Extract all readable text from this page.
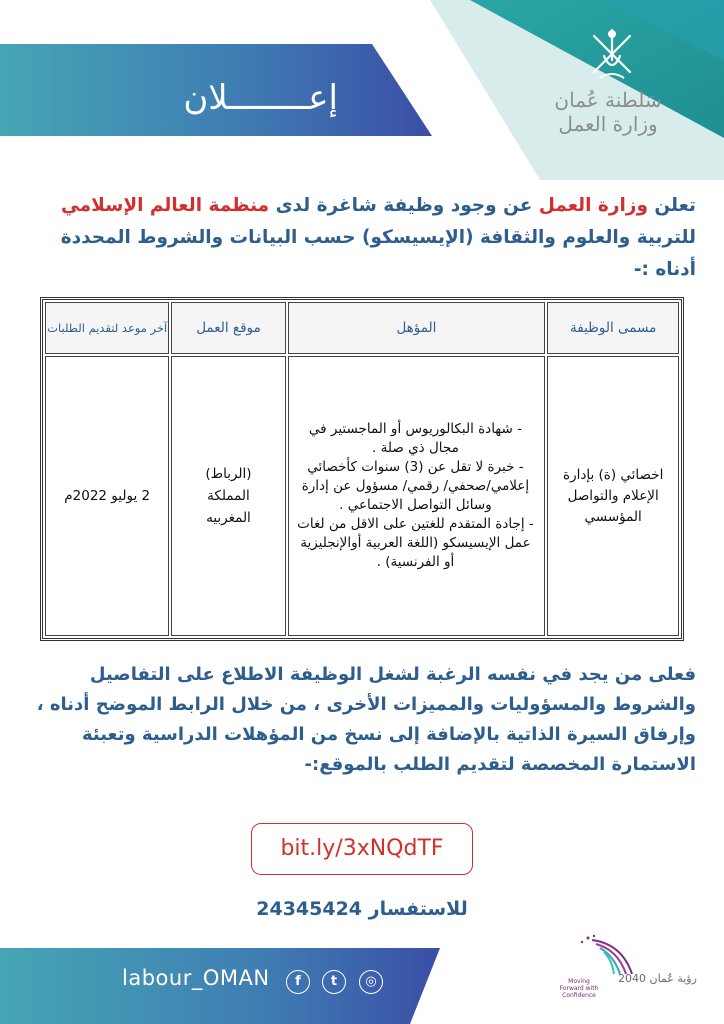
إعــــــــلان	سَلطنة عُمان
وزارة العمل
تعلن وزارة العمل عن وجود وظيفة شاغرة لدى منظمة العالم الإسلامي للتربية والعلوم والثقافة (الإيسيسكو) حسب البيانات والشروط المحددة أدناه :-
مسمى الوظيفة	المؤهل	موقع العمل	آخر موعد لتقديم الطلبات
اخصائي (ة) بإدارة الإعلام والتواصل المؤسسي	- شهادة البكالوريوس أو الماجستير في مجال ذي صلة .
- خبرة لا تقل عن (3) سنوات كأخصائي إعلامي/صحفي/ رقمي/ مسؤول عن إدارة وسائل التواصل الاجتماعي .
- إجادة المتقدم للغتين على الاقل من لغات عمل الإيسيسكو (اللغة العربية أوالإنجليزية أو الفرنسية) .	(الرباط) المملكة المغربيه	2 يوليو 2022م
فعلى من يجد في نفسه الرغبة لشغل الوظيفة الاطلاع على التفاصيل والشروط والمسؤوليات والمميزات الأخرى ، من خلال الرابط الموضح أدناه ، وإرفاق السيرة الذاتية بالإضافة إلى نسخ من المؤهلات الدراسية وتعبئة الاستمارة المخصصة لتقديم الطلب بالموقع:-
bit.ly/3xNQdTF
للاستفسار 24345424
labour_OMAN	f	t	◎	رؤية عُمان 2040
Moving Forward with Confidence
